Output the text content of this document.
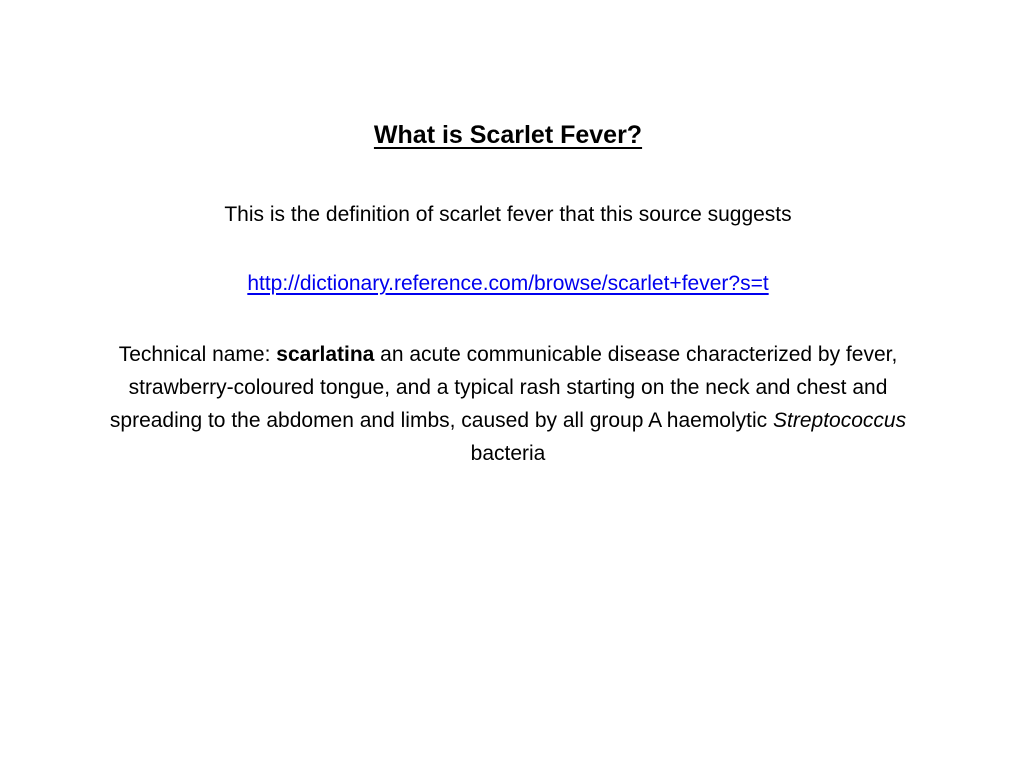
What is Scarlet Fever?

This is the definition of scarlet fever that this source suggests

http://dictionary.reference.com/browse/scarlet+fever?s=t

Technical name: scarlatina an acute communicable disease characterized by fever, strawberry-coloured tongue, and a typical rash starting on the neck and chest and spreading to the abdomen and limbs, caused by all group A haemolytic Streptococcus bacteria
